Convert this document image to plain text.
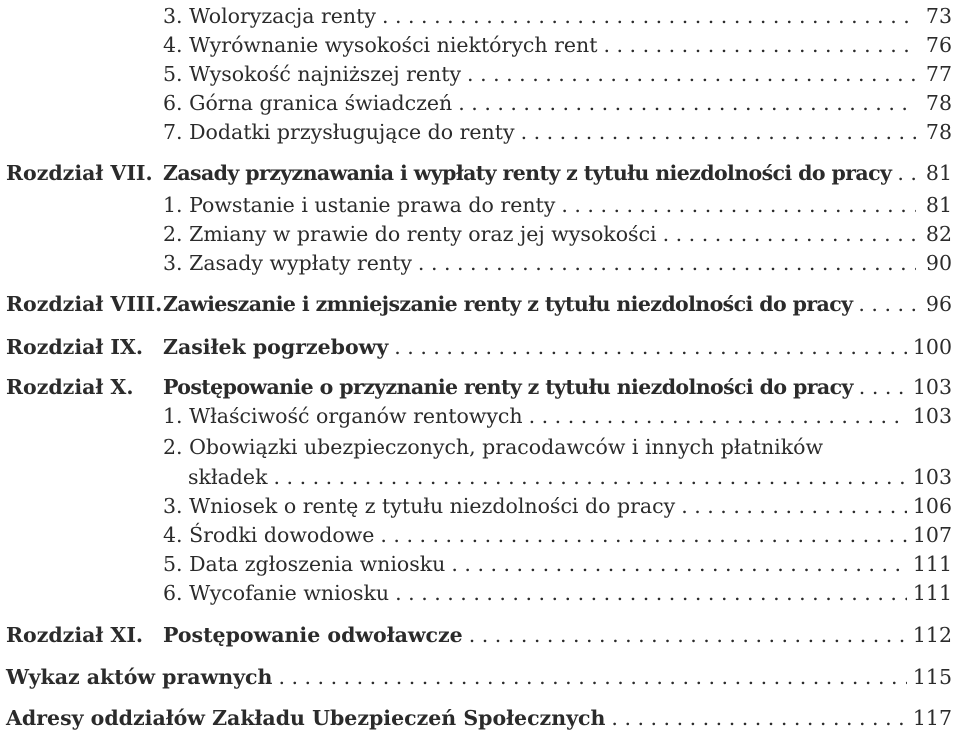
3. Woloryzacja renty . . .	73
4. Wyrównanie wysokości niektórych rent . . .	76
5. Wysokość najniższej renty . . .	77
6. Górna granica świadczeń . . .	78
7. Dodatki przysługujące do renty . . .	78
Rozdział VII. Zasady przyznawania i wypłaty renty z tytułu niezdolności do pracy . . . 81
1. Powstanie i ustanie prawa do renty . . .	81
2. Zmiany w prawie do renty oraz jej wysokości . . .	82
3. Zasady wypłaty renty . . .	90
Rozdział VIII. Zawieszanie i zmniejszanie renty z tytułu niezdolności do pracy . . .	96
Rozdział IX. Zasiłek pogrzebowy . . .	100
Rozdział X. Postępowanie o przyznanie renty z tytułu niezdolności do pracy . . .	103
1. Właściwość organów rentowych . . .	103
2. Obowiązki ubezpieczonych, pracodawców i innych płatników
składek . . .	103
3. Wniosek o rentę z tytułu niezdolności do pracy . . .	106
4. Środki dowodowe . . .	107
5. Data zgłoszenia wniosku . . .	111
6. Wycofanie wniosku . . .	111
Rozdział XI. Postępowanie odwoławcze . . .	112
Wykaz aktów prawnych . . .	115
Adresy oddziałów Zakładu Ubezpieczeń Społecznych . . .	117
